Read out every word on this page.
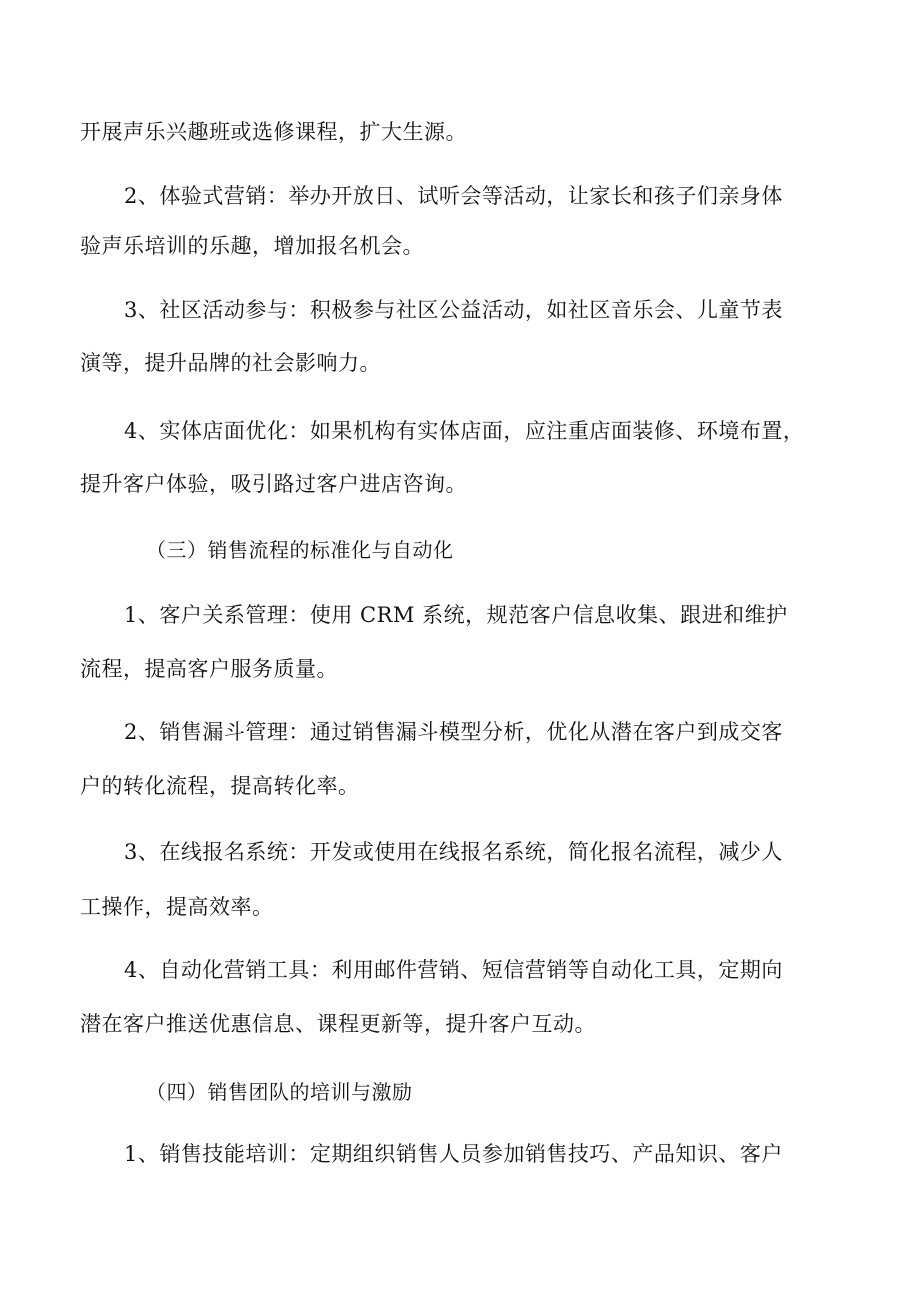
开展声乐兴趣班或选修课程，扩大生源。
2、体验式营销：举办开放日、试听会等活动，让家长和孩子们亲身体
验声乐培训的乐趣，增加报名机会。
3、社区活动参与：积极参与社区公益活动，如社区音乐会、儿童节表
演等，提升品牌的社会影响力。
4、实体店面优化：如果机构有实体店面，应注重店面装修、环境布置，
提升客户体验，吸引路过客户进店咨询。
（三）销售流程的标准化与自动化
1、客户关系管理：使用 CRM 系统，规范客户信息收集、跟进和维护
流程，提高客户服务质量。
2、销售漏斗管理：通过销售漏斗模型分析，优化从潜在客户到成交客
户的转化流程，提高转化率。
3、在线报名系统：开发或使用在线报名系统，简化报名流程，减少人
工操作，提高效率。
4、自动化营销工具：利用邮件营销、短信营销等自动化工具，定期向
潜在客户推送优惠信息、课程更新等，提升客户互动。
（四）销售团队的培训与激励
1、销售技能培训：定期组织销售人员参加销售技巧、产品知识、客户
